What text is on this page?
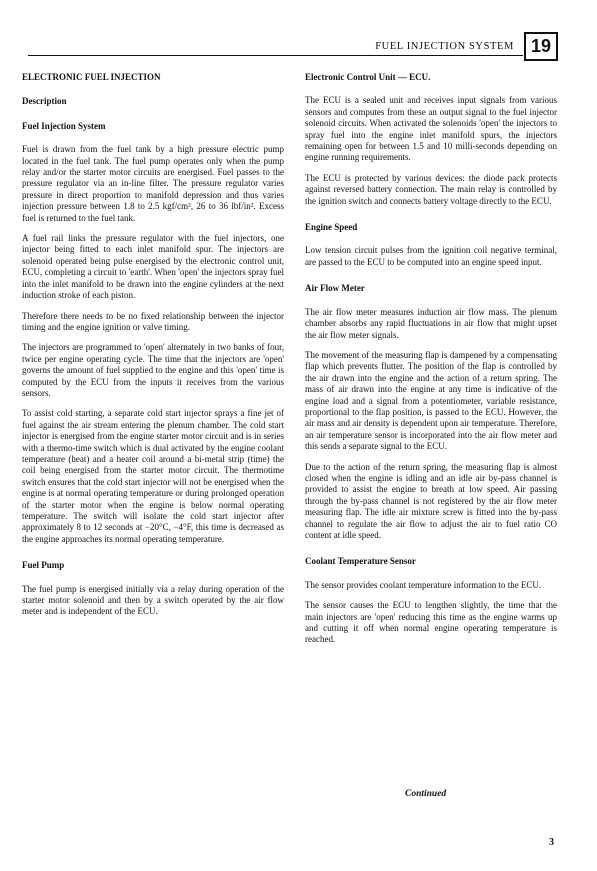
FUEL INJECTION SYSTEM 19
ELECTRONIC FUEL INJECTION
Description
Fuel Injection System

Fuel is drawn from the fuel tank by a high pressure electric pump located in the fuel tank. The fuel pump operates only when the pump relay and/or the starter motor circuits are energised. Fuel passes to the pressure regulator via an in-line filter. The pressure regulator varies pressure in direct proportion to manifold depression and thus varies injection pressure between 1.8 to 2.5 kgf/cm², 26 to 36 lbf/in². Excess fuel is returned to the fuel tank.

A fuel rail links the pressure regulator with the fuel injectors, one injector being fitted to each inlet manifold spur. The injectors are solenoid operated being pulse energised by the electronic control unit, ECU, completing a circuit to 'earth'. When 'open' the injectors spray fuel into the inlet manifold to be drawn into the engine cylinders at the next induction stroke of each piston.

Therefore there needs to be no fixed relationship between the injector timing and the engine ignition or valve timing.

The injectors are programmed to 'open' alternately in two banks of four, twice per engine operating cycle. The time that the injectors are 'open' governs the amount of fuel supplied to the engine and this 'open' time is computed by the ECU from the inputs it receives from the various sensors.

To assist cold starting, a separate cold start injector sprays a fine jet of fuel against the air stream entering the plenum chamber. The cold start injector is energised from the engine starter motor circuit and is in series with a thermo-time switch which is dual activated by the engine coolant temperature (heat) and a heater coil around a bi-metal strip (time) the coil being energised from the starter motor circuit. The thermotime switch ensures that the cold start injector will not be energised when the engine is at normal operating temperature or during prolonged operation of the starter motor when the engine is below normal operating temperature. The switch will isolate the cold start injector after approximately 8 to 12 seconds at −20°C, −4°F, this time is decreased as the engine approaches its normal operating temperature.

Fuel Pump

The fuel pump is energised initially via a relay during operation of the starter motor solenoid and then by a switch operated by the air flow meter and is independent of the ECU.

Electronic Control Unit — ECU.

The ECU is a sealed unit and receives input signals from various sensors and computes from these an output signal to the fuel injector solenoid circuits. When activated the solenoids 'open' the injectors to spray fuel into the engine inlet manifold spurs, the injectors remaining open for between 1.5 and 10 milli-seconds depending on engine running requirements.

The ECU is protected by various devices: the diode pack protects against reversed battery connection. The main relay is controlled by the ignition switch and connects battery voltage directly to the ECU.

Engine Speed

Low tension circuit pulses from the ignition coil negative terminal, are passed to the ECU to be computed into an engine speed input.

Air Flow Meter

The air flow meter measures induction air flow mass. The plenum chamber absorbs any rapid fluctuations in air flow that might upset the air flow meter signals.

The movement of the measuring flap is dampened by a compensating flap which prevents flutter. The position of the flap is controlled by the air drawn into the engine and the action of a return spring. The mass of air drawn into the engine at any time is indicative of the engine load and a signal from a potentiometer, variable resistance, proportional to the flap position, is passed to the ECU. However, the air mass and air density is dependent upon air temperature. Therefore, an air temperature sensor is incorporated into the air flow meter and this sends a separate signal to the ECU.

Due to the action of the return spring, the measuring flap is almost closed when the engine is idling and an idle air by-pass channel is provided to assist the engine to breath at low speed. Air passing through the by-pass channel is not registered by the air flow meter measuring flap. The idle air mixture screw is fitted into the by-pass channel to regulate the air flow to adjust the air to fuel ratio CO content at idle speed.

Coolant Temperature Sensor

The sensor provides coolant temperature information to the ECU.

The sensor causes the ECU to lengthen slightly, the time that the main injectors are 'open' reducing this time as the engine warms up and cutting it off when normal engine operating temperature is reached.

Continued
3
